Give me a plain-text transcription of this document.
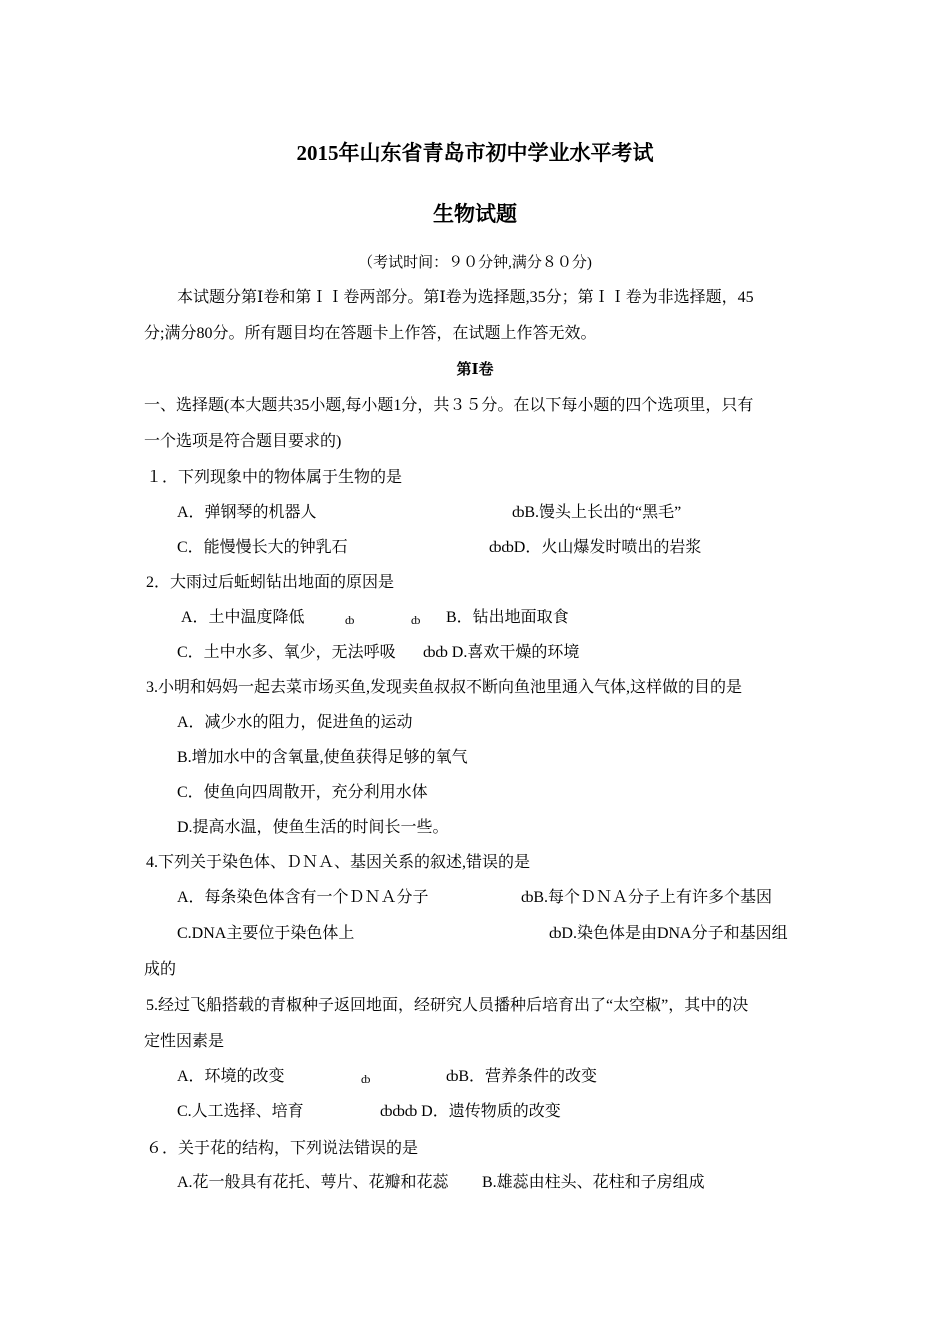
2015年山东省青岛市初中学业水平考试
生物试题
（考试时间：９０分钟,满分８０分)
本试题分第Ⅰ卷和第ＩＩ卷两部分。第Ⅰ卷为选择题,35分；第ＩＩ卷为非选择题，45
分;满分80分。所有题目均在答题卡上作答，在试题上作答无效。
第Ⅰ卷
一、选择题(本大题共35小题,每小题1分，共３５分。在以下每小题的四个选项里，只有
一个选项是符合题目要求的)
１．下列现象中的物体属于生物的是
A．弹钢琴的机器人	ȸB.馒头上长出的“黑毛”
C．能慢慢长大的钟乳石	ȸȸD．火山爆发时喷出的岩浆
2．大雨过后蚯蚓钻出地面的原因是
A．土中温度降低	ȸ	ȸ B．钻出地面取食
C．土中水多、氧少，无法呼吸 ȸȸ D.喜欢干燥的环境
3.小明和妈妈一起去菜市场买鱼,发现卖鱼叔叔不断向鱼池里通入气体,这样做的目的是
A．减少水的阻力，促进鱼的运动
B.增加水中的含氧量,使鱼获得足够的氧气
C．使鱼向四周散开，充分利用水体
D.提高水温，使鱼生活的时间长一些。
4.下列关于染色体、ＤＮＡ、基因关系的叙述,错误的是
A．每条染色体含有一个ＤＮＡ分子	ȸB.每个ＤＮＡ分子上有许多个基因
C.DNA主要位于染色体上	ȸD.染色体是由DNA分子和基因组
成的
5.经过飞船搭载的青椒种子返回地面，经研究人员播种后培育出了“太空椒”，其中的决
定性因素是
A．环境的改变	ȸ	ȸB．营养条件的改变
C.人工选择、培育	ȸȸȸ D．遗传物质的改变
６．关于花的结构，下列说法错误的是
A.花一般具有花托、萼片、花瓣和花蕊 B.雄蕊由柱头、花柱和子房组成
